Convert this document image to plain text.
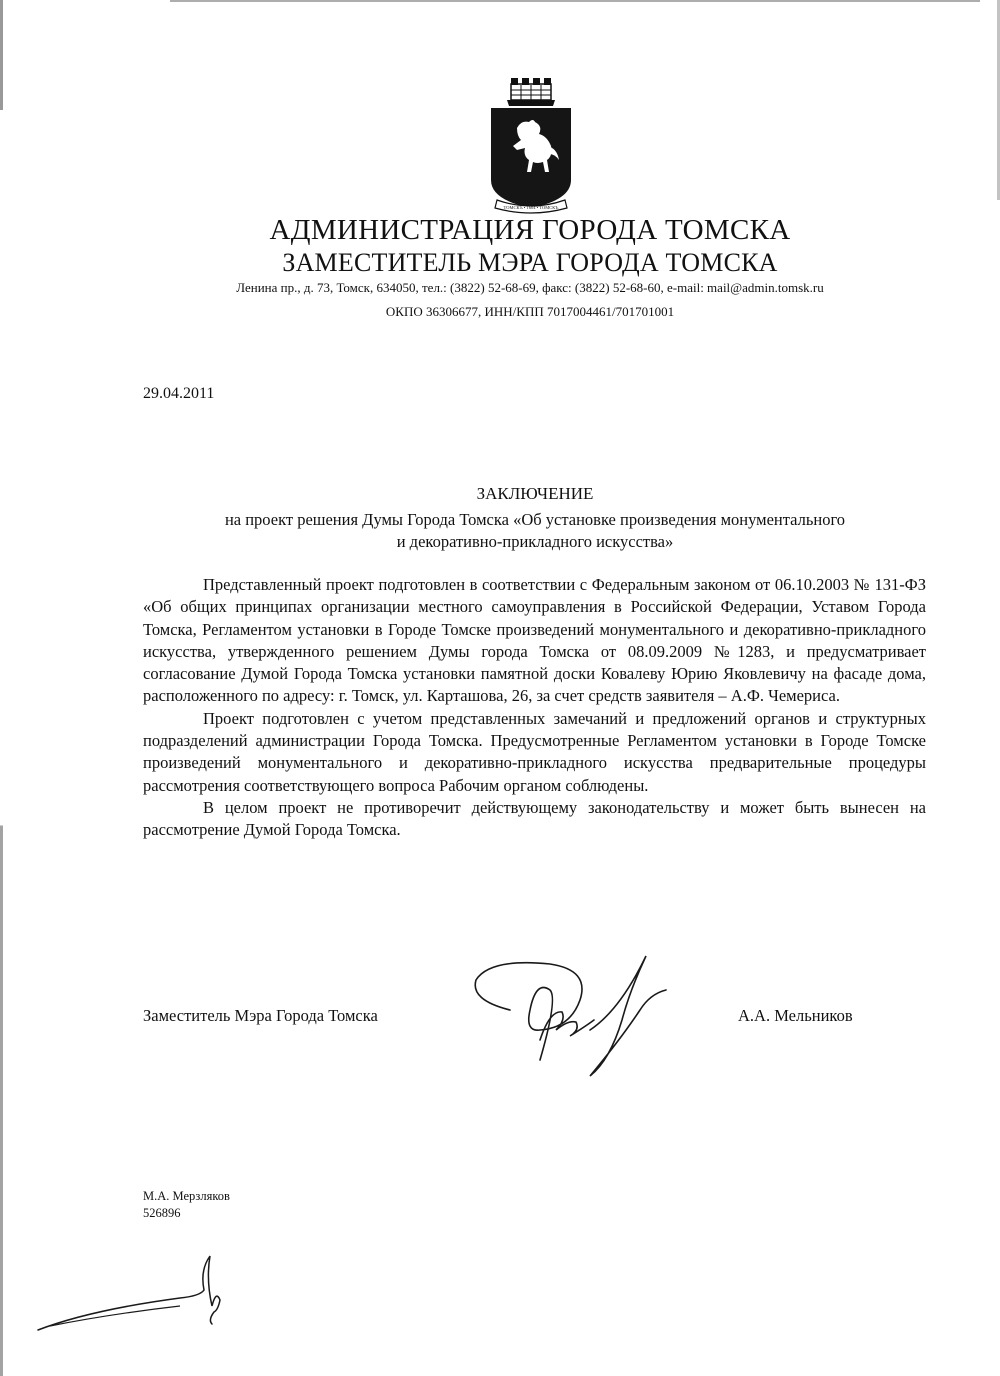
ТОМСКЪ • 1604 • ТОМСКЪ
АДМИНИСТРАЦИЯ ГОРОДА ТОМСКА
ЗАМЕСТИТЕЛЬ МЭРА ГОРОДА ТОМСКА
Ленина пр., д. 73, Томск, 634050, тел.: (3822) 52-68-69, факс: (3822) 52-68-60, e-mail: mail@admin.tomsk.ru
ОКПО 36306677, ИНН/КПП 7017004461/701701001
29.04.2011
ЗАКЛЮЧЕНИЕ
на проект решения Думы Города Томска «Об установке произведения монументального
и декоративно-прикладного искусства»

Представленный проект подготовлен в соответствии с Федеральным законом от 06.10.2003 № 131-ФЗ «Об общих принципах организации местного самоуправления в Российской Федерации, Уставом Города Томска, Регламентом установки в Городе Томске произведений монументального и декоративно-прикладного искусства, утвержденного решением Думы города Томска от 08.09.2009 №1283, и предусматривает согласование Думой Города Томска установки памятной доски Ковалеву Юрию Яковлевичу на фасаде дома, расположенного по адресу: г. Томск, ул. Карташова, 26, за счет средств заявителя – А.Ф. Чемериса.

Проект подготовлен с учетом представленных замечаний и предложений органов и структурных подразделений администрации Города Томска. Предусмотренные Регламентом установки в Городе Томске произведений монументального и декоративно-прикладного искусства предварительные процедуры рассмотрения соответствующего вопроса Рабочим органом соблюдены.

В целом проект не противоречит действующему законодательству и может быть вынесен на рассмотрение Думой Города Томска.

Заместитель Мэра Города Томска	А.А. Мельников
М.А. Мерзляков
526896
